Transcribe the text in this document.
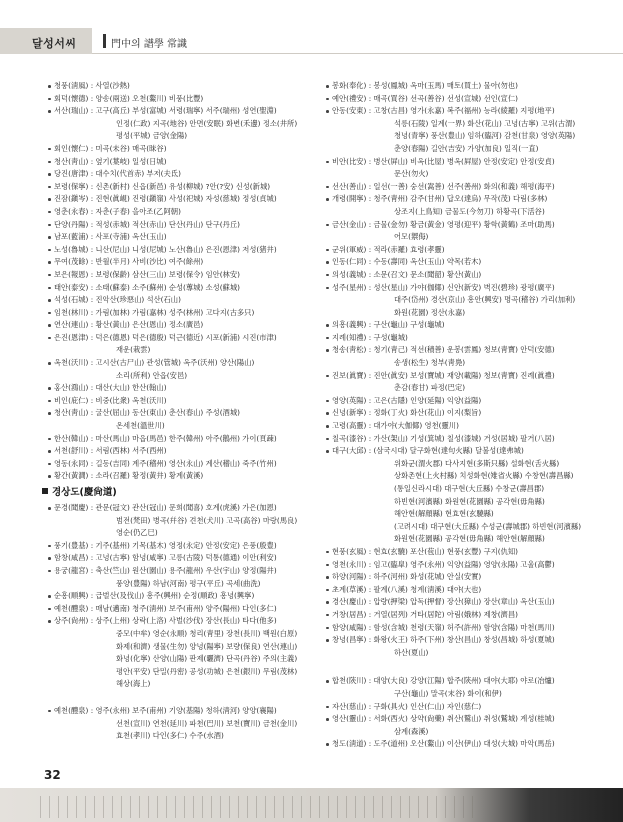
달성서씨	門中의 譜學 常識
청풍(淸風) : 사열(沙熱)
회덕(懷德) : 양송(兩送) 오천(鰲川) 비풍(比豐)
서산(瑞山) : 고구(高丘) 부성(富城) 서령(瑞寧) 서주(瑞州) 성연(聖淵)
인정(仁政) 지곡(地谷) 안면(安眠) 화변(禾邊) 정소(井所)
평성(平城) 금양(金陽)
회인(懷仁) : 미곡(未谷) 매곡(昧谷)
청산(靑山) : 옆기(葉岐) 일성(日城)
당진(唐津) : 대수치(代首赤) 부저(夫氐)
보령(保寧) : 신촌(新村) 신읍(新邑) 유성(柳城) ?안(?安) 신성(新城)
진잠(鎭岑) : 진현(眞峴) 진령(鎭嶺) 사성(祀城) 자성(慈城) 정성(貞城)
영춘(永春) : 자춘(子春) 을아조(乙阿朝)
단양(丹陽) : 적성(赤城) 적산(赤山) 단산(丹山) 단구(丹丘)
남포(藍浦) : 사포(寺浦) 옥산(玉山)
노성(魯城) : 니산(尼山) 니성(尼城) 노산(魯山) 은진(恩津) 저성(猪井)
무여(茂餘) : 반월(半月) 사비(沙比) 여주(餘州)
보은(報恩) : 보령(保齡) 삼산(三山) 보령(保令) 임안(林安)
태안(泰安) : 소태(蘇泰) 소주(蘇州) 순성(蓴城) 소성(蘇城)
석성(石城) : 진악산(珍惡山) 석산(石山)
임천(林川) : 가림(加林) 가림(嘉林) 성주(林州) 고다지(古多只)
연산(連山) : 황산(黃山) 은산(恩山) 정소(廣邑)
은진(恩津) : 덕은(德恩) 덕은(德殷) 덕근(德近) 시포(新浦) 시진(市津)
재운(栽雲)
옥천(沃川) : 고시산(古尸山) 관성(管城) 옥주(沃州) 양산(陽山)
소리(所利) 안읍(安邑)
홍산(鴻山) : 대산(大山) 한산(翰山)
비인(庇仁) : 비중(比衆) 옥천(沃川)
청산(靑山) : 굴산(屈山) 동산(東山) 춘산(春山) 주성(酒城)
온세천(溫世川)
한산(韓山) : 마산(馬山) 마읍(馬邑) 한주(韓州) 아주(鵝州) 가이(頁疎)
서천(舒川) : 서림(西林) 서주(西州)
영동(永同) : 길동(吉同) 계주(稽州) 영산(永山) 계산(稽山) 죽주(竹州)
황간(黃澗) : 소라(召羅) 황정(黃井) 황계(黃溪)
경상도(慶尙道)
문경(聞慶) : 관문(冠文) 관산(冠山) 문희(聞喜) 호계(虎溪) 가은(加恩)
범전(梵田) 병곡(幷谷) 견천(犬川) 고곡(高谷) 마랑(馬良)
영순(仍乙巳)
풍기(豊基) : 기주(基州) 기목(基木) 영정(永定) 안정(安定) 은풍(殷豊)
함창(咸昌) : 고녕(古寧) 함녕(咸寧) 고릉(古陵) 덕통(德通) 이안(利安)
용궁(龍宮) : 축산(竺山) 원산(園山) 용주(龍州) 우산(宇山) 양정(陽井)
풍양(豊陽) 하남(河南) 평구(平丘) 곡세(曲洗)
순흥(順興) : 급벌산(及伐山) 흥주(興州) 순정(順政) 흥녕(興寧)
예천(醴泉) : 매남(邁南) 청주(淸州) 보주(甫州) 양주(陽州) 다인(多仁)
상주(尙州) : 상주(上州) 상락(上洛) 사벌(沙伐) 장산(長山) 타다(他多)
중모(中牟) 영순(永順) 청리(靑里) 장천(長川) 백원(白原)
화제(和濟) 생물(生勿) 양녕(陽寧) 보량(保良) 연산(連山)
화녕(化寧) 산양(山陽) 판제(曬濟) 단곡(丹谷) 주의(主義)
평안(平安) 단밀(丹密) 공성(功城) 은천(銀川) 무림(茂林)
해상(海上)
예천(醴泉) : 영주(永州) 보주(甫州) 기양(基陽) 청하(淸河) 양양(襄陽)
선천(宣川) 연천(延川) 파천(巴川) 보천(寶川) 금천(金川)
효천(孝川) 다인(多仁) 수주(水酒)
봉화(奉化) : 봉성(鳳城) 옥마(玉馬) 매토(買土) 물아(勿也)
예안(禮安) : 매곡(買谷) 선곡(善谷) 선성(宣城) 선인(宣仁)
안동(安東) : 고창(古昌) 영가(永嘉) 복주(福州) 능라(綾羅) 지평(地平)
석릉(石陵) 일계(一界) 화산(花山) 고녕(古寧) 고위(古渭)
청녕(青寧) 풍산(豊山) 임하(臨河) 감천(甘泉) 영양(英陽)
춘양(春陽) 길안(吉安) 가양(加良) 일직(一直)
비안(比安) : 병산(屛山) 비옥(比屋) 병옥(屛屋) 안정(安定) 안정(安貞)
문산(勿火)
선산(善山) : 일선(一善) 숭선(嵩善) 선주(善州) 화의(和義) 해평(海平)
개령(開寧) : 청주(靑州) 감주(甘州) 답오(達烏) 무작(茂) 다림(多林)
상조지(上鳥知) 금물도(今勿刀) 하황곡(下活谷)
금산(金山) : 금물(金勿) 황금(黃金) 영평(迎平) 황학(黃鶴) 조마(助馬)
어모(禦侮)
군위(軍威) : 적라(赤羅) 효령(孝靈)
인동(仁同) : 수동(壽同) 옥산(玉山) 약목(若木)
의성(義城) : 소문(召文) 문소(聞韶) 황산(黃山)
성주(星州) : 성산(星山) 가야(伽倻) 신안(新安) 벽진(碧珍) 광평(廣平)
대주(岱州) 경산(京山) 흥안(興安) 명곡(稽谷) 가리(加利)
화원(花園) 정산(永嘉)
의흥(義興) : 구산(龜山) 구성(龜城)
지례(知禮) : 구성(龜城)
청송(靑松) : 청기(靑己) 적선(積善) 운봉(雲鳳) 청보(靑寶) 안덕(安德)
송생(松生) 청부(靑鳧)
진보(眞寶) : 진안(眞安) 보성(寶城) 재양(載陽) 청보(靑寶) 진례(眞禮)
춘감(春甘) 파정(巴定)
영양(英陽) : 고은(古隱) 인양(延陽) 익양(益陽)
신녕(新寧) : 정화(丁火) 화산(花山) 이지(梨旨)
고령(高靈) : 대가야(大伽倻) 영천(靈川)
칠곡(漆谷) : 가산(架山) 기성(箕城) 칠성(漆城) 거성(居城) 팔거(八居)
대구(大邱) : (삼국시대) 달구화현(達句火縣) 달불성(達弗城)
위화군(渭火郡) 다사지현(多斯只縣) 설화현(舌火縣)
상화촌현(上火村縣) 치성화현(雉省火縣) 수창현(壽昌縣)
(통일신라시대) 대구현(大丘縣) 수창군(壽昌郡)
하빈현(河濱縣) 화원현(花園縣) 공각현(毋角縣)
해안현(解顔縣) 현효현(玄驍縣)
(고려시대) 대구현(大丘縣) 수성군(壽城郡) 하빈현(河濱縣)
화원현(花園縣) 공각현(毋角縣) 해안현(解顔縣)
현풍(玄風) : 현효(玄驍) 포산(苞山) 현풍(玄豐) 구지(仇知)
영천(永川) : 임고(臨皐) 영주(永州) 익양(益陽) 영양(永陽) 고울(高鬱)
하양(河陽) : 하주(河州) 화성(花城) 안실(安實)
초계(草溪) : 팔계(八溪) 청계(淸溪) 대야(大也)
경산(慶山) : 압량(押梁) 압독(押督) 장산(獐山) 장산(章山) 옥산(玉山)
거창(居昌) : 거열(居列) 거타(居陀) 아림(娥林) 제창(濟昌)
함양(咸陽) : 함성(含城) 천령(天嶺) 허주(許州) 함양(含陽) 마천(馬川)
창녕(昌寧) : 화왕(火王) 하주(下州) 창산(昌山) 창성(昌城) 하성(夏城)
하산(夏山)
합천(陝川) : 대양(大良) 강양(江陽) 합주(陝州) 대야(大耶) 야로(冶爐)
구산(龜山) 말곡(末谷) 화이(和伊)
자산(慈山) : 구화(具火) 인산(仁山) 자인(慈仁)
영산(靈山) : 서화(西火) 상약(尙藥) 취산(鷲山) 취성(鷲城) 계성(桂城)
삼계(森溪)
청도(淸道) : 도주(道州) 오산(鰲山) 이산(伊山) 대성(大城) 마악(馬岳)
32
